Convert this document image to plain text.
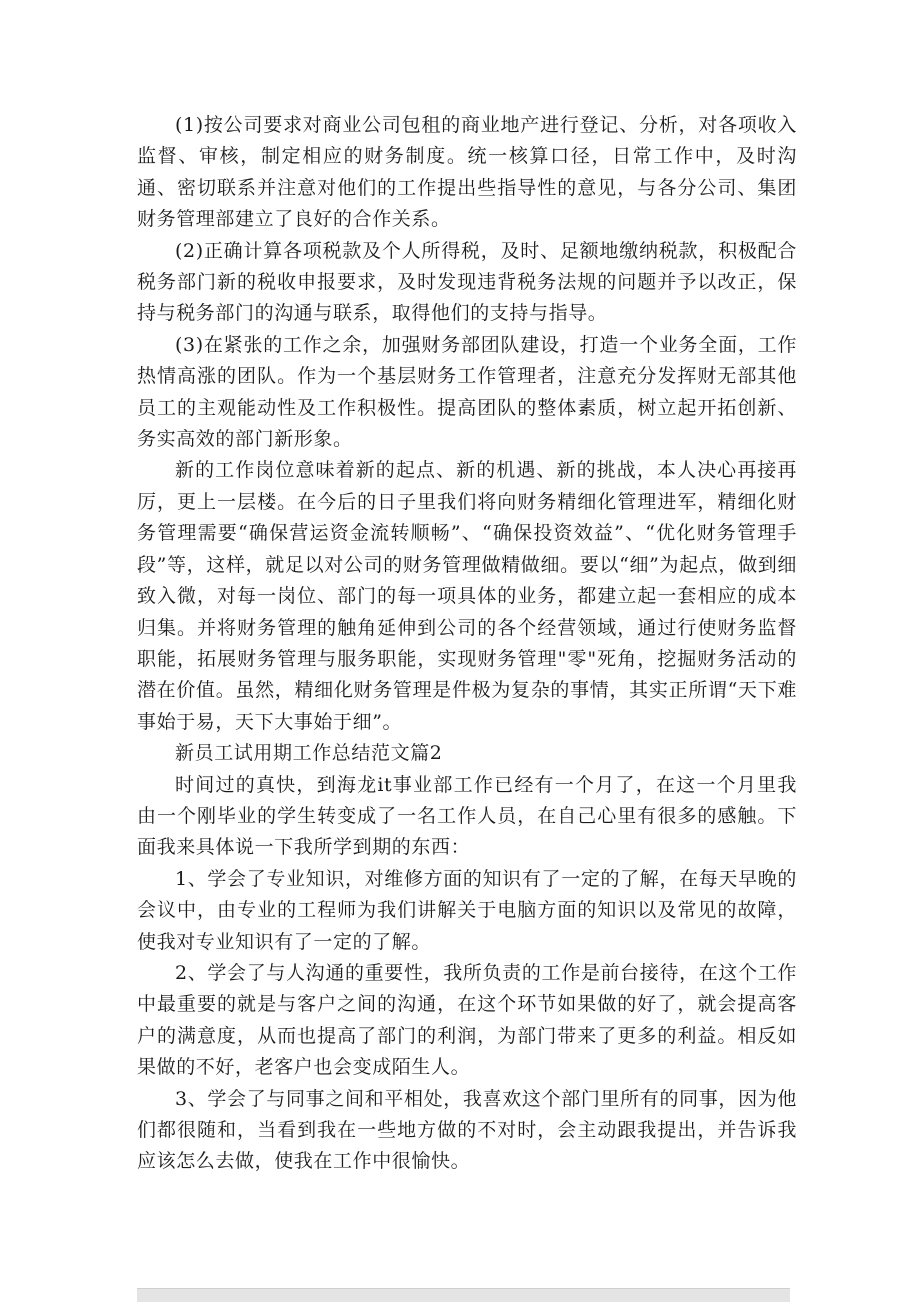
(1)按公司要求对商业公司包租的商业地产进行登记、分析，对各项收入监督、审核，制定相应的财务制度。统一核算口径，日常工作中，及时沟通、密切联系并注意对他们的工作提出些指导性的意见，与各分公司、集团财务管理部建立了良好的合作关系。

(2)正确计算各项税款及个人所得税，及时、足额地缴纳税款，积极配合税务部门新的税收申报要求，及时发现违背税务法规的问题并予以改正，保持与税务部门的沟通与联系，取得他们的支持与指导。

(3)在紧张的工作之余，加强财务部团队建设，打造一个业务全面，工作热情高涨的团队。作为一个基层财务工作管理者，注意充分发挥财无部其他员工的主观能动性及工作积极性。提高团队的整体素质，树立起开拓创新、务实高效的部门新形象。

新的工作岗位意味着新的起点、新的机遇、新的挑战，本人决心再接再厉，更上一层楼。在今后的日子里我们将向财务精细化管理进军，精细化财务管理需要“确保营运资金流转顺畅”、“确保投资效益”、“优化财务管理手段”等，这样，就足以对公司的财务管理做精做细。要以“细”为起点，做到细致入微，对每一岗位、部门的每一项具体的业务，都建立起一套相应的成本归集。并将财务管理的触角延伸到公司的各个经营领域，通过行使财务监督职能，拓展财务管理与服务职能，实现财务管理"零"死角，挖掘财务活动的潜在价值。虽然，精细化财务管理是件极为复杂的事情，其实正所谓“天下难事始于易，天下大事始于细”。

新员工试用期工作总结范文篇2

时间过的真快，到海龙it事业部工作已经有一个月了，在这一个月里我由一个刚毕业的学生转变成了一名工作人员，在自己心里有很多的感触。下面我来具体说一下我所学到期的东西：

1、学会了专业知识，对维修方面的知识有了一定的了解，在每天早晚的会议中，由专业的工程师为我们讲解关于电脑方面的知识以及常见的故障，使我对专业知识有了一定的了解。

2、学会了与人沟通的重要性，我所负责的工作是前台接待，在这个工作中最重要的就是与客户之间的沟通，在这个环节如果做的好了，就会提高客户的满意度，从而也提高了部门的利润，为部门带来了更多的利益。相反如果做的不好，老客户也会变成陌生人。

3、学会了与同事之间和平相处，我喜欢这个部门里所有的同事，因为他们都很随和，当看到我在一些地方做的不对时，会主动跟我提出，并告诉我应该怎么去做，使我在工作中很愉快。
